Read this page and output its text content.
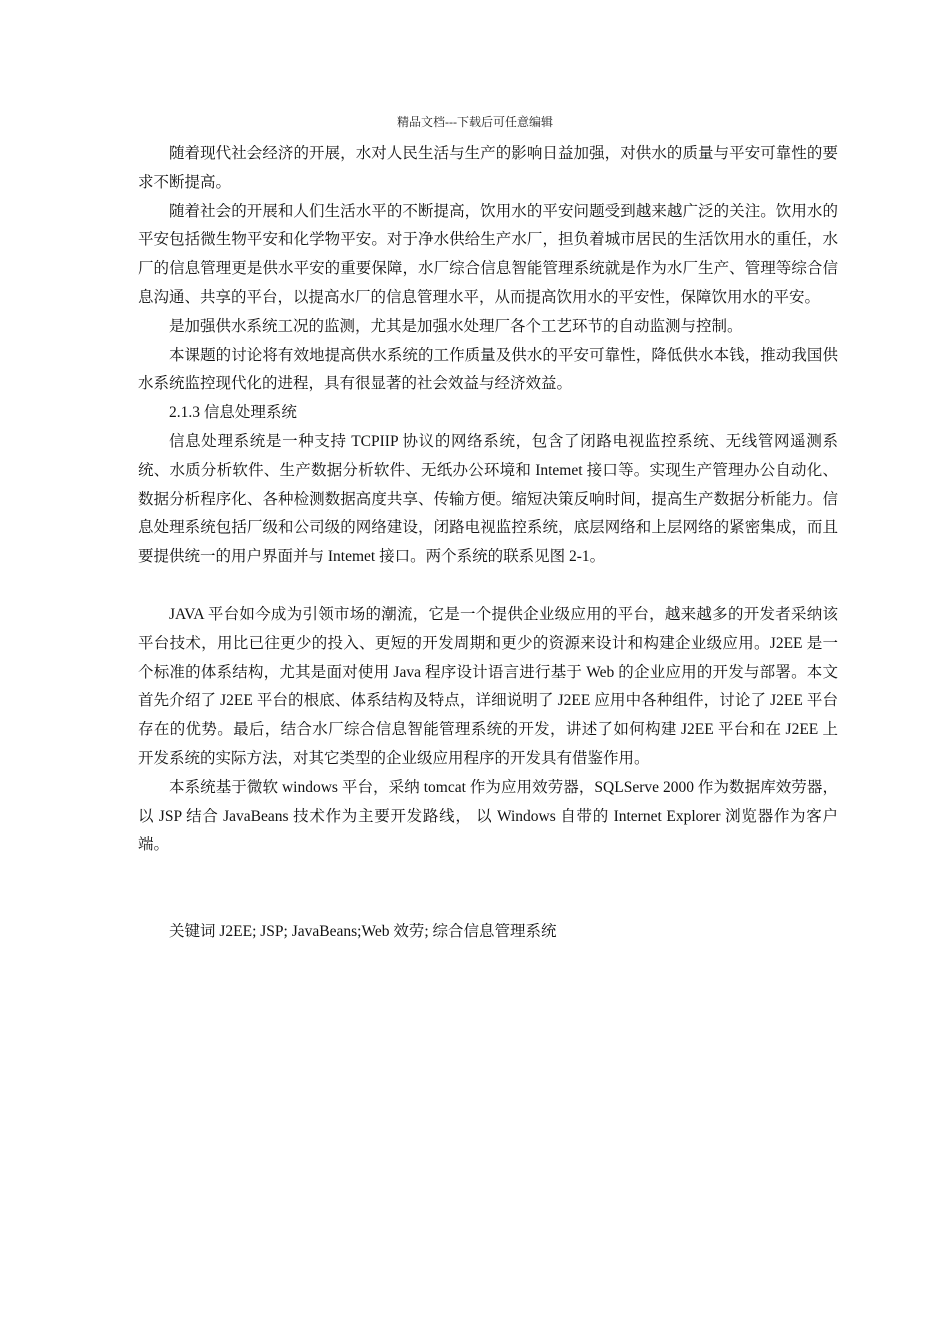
精品文档---下载后可任意编辑

随着现代社会经济的开展，水对人民生活与生产的影响日益加强，对供水的质量与平安可靠性的要求不断提高。

随着社会的开展和人们生活水平的不断提高，饮用水的平安问题受到越来越广泛的关注。饮用水的平安包括微生物平安和化学物平安。对于净水供给生产水厂，担负着城市居民的生活饮用水的重任，水厂的信息管理更是供水平安的重要保障，水厂综合信息智能管理系统就是作为水厂生产、管理等综合信息沟通、共享的平台，以提高水厂的信息管理水平，从而提高饮用水的平安性，保障饮用水的平安。

是加强供水系统工况的监测，尤其是加强水处理厂各个工艺环节的自动监测与控制。

本课题的讨论将有效地提高供水系统的工作质量及供水的平安可靠性，降低供水本钱，推动我国供水系统监控现代化的进程，具有很显著的社会效益与经济效益。

2.1.3 信息处理系统

信息处理系统是一种支持 TCPIIP 协议的网络系统，包含了闭路电视监控系统、无线管网遥测系统、水质分析软件、生产数据分析软件、无纸办公环境和 Intemet 接口等。实现生产管理办公自动化、数据分析程序化、各种检测数据高度共享、传输方便。缩短决策反响时间，提高生产数据分析能力。信息处理系统包括厂级和公司级的网络建设，闭路电视监控系统，底层网络和上层网络的紧密集成，而且要提供统一的用户界面并与 Intemet 接口。两个系统的联系见图 2-1。

JAVA 平台如今成为引领市场的潮流，它是一个提供企业级应用的平台，越来越多的开发者采纳该平台技术，用比已往更少的投入、更短的开发周期和更少的资源来设计和构建企业级应用。J2EE 是一个标准的体系结构，尤其是面对使用 Java 程序设计语言进行基于 Web 的企业应用的开发与部署。本文首先介绍了 J2EE 平台的根底、体系结构及特点，详细说明了 J2EE 应用中各种组件，讨论了 J2EE 平台存在的优势。最后，结合水厂综合信息智能管理系统的开发，讲述了如何构建 J2EE 平台和在 J2EE 上开发系统的实际方法，对其它类型的企业级应用程序的开发具有借鉴作用。

本系统基于微软 windows 平台，采纳 tomcat 作为应用效劳器，SQLServe 2000 作为数据库效劳器， 以 JSP 结合 JavaBeans 技术作为主要开发路线， 以 Windows 自带的 Internet Explorer 浏览器作为客户端。

关键词 J2EE; JSP; JavaBeans;Web 效劳; 综合信息管理系统
